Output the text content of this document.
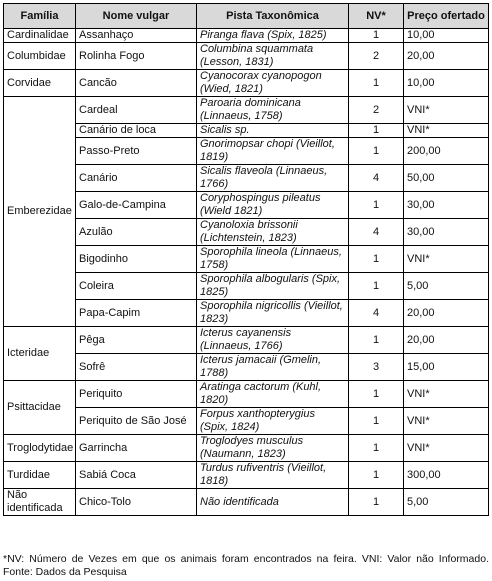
Família	Nome vulgar	Pista Taxonômica	NV*	Preço ofertado
Cardinalidae	Assanhaço	Piranga flava (Spix, 1825)	1	10,00
Columbidae	Rolinha Fogo	Columbina squammata (Lesson, 1831)	2	20,00
Corvidae	Cancão	Cyanocorax cyanopogon (Wied, 1821)	1	10,00
Emberezidae	Cardeal	Paroaria dominicana (Linnaeus, 1758)	2	VNI*
	Canário de loca	Sicalis sp.	1	VNI*
	Passo-Preto	Gnorimopsar chopi (Vieillot, 1819)	1	200,00
	Canário	Sicalis flaveola (Linnaeus, 1766)	4	50,00
	Galo-de-Campina	Coryphospingus pileatus (Wield 1821)	1	30,00
	Azulão	Cyanoloxia brissonii (Lichtenstein, 1823)	4	30,00
	Bigodinho	Sporophila lineola (Linnaeus, 1758)	1	VNI*
	Coleira	Sporophila albogularis (Spix, 1825)	1	5,00
	Papa-Capim	Sporophila nigricollis (Vieillot, 1823)	4	20,00
Icteridae	Pêga	Icterus cayanensis (Linnaeus, 1766)	1	20,00
	Sofrê	Icterus jamacaii (Gmelin, 1788)	3	15,00
Psittacidae	Periquito	Aratinga cactorum (Kuhl, 1820)	1	VNI*
	Periquito de São José	Forpus xanthopterygius (Spix, 1824)	1	VNI*
Troglodytidae	Garrincha	Troglodyes musculus (Naumann, 1823)	1	VNI*
Turdidae	Sabiá Coca	Turdus rufiventris (Vieillot, 1818)	1	300,00
Não identificada	Chico-Tolo	Não identificada	1	5,00
*NV: Número de Vezes em que os animais foram encontrados na feira. VNI: Valor não Informado. Fonte: Dados da Pesquisa
